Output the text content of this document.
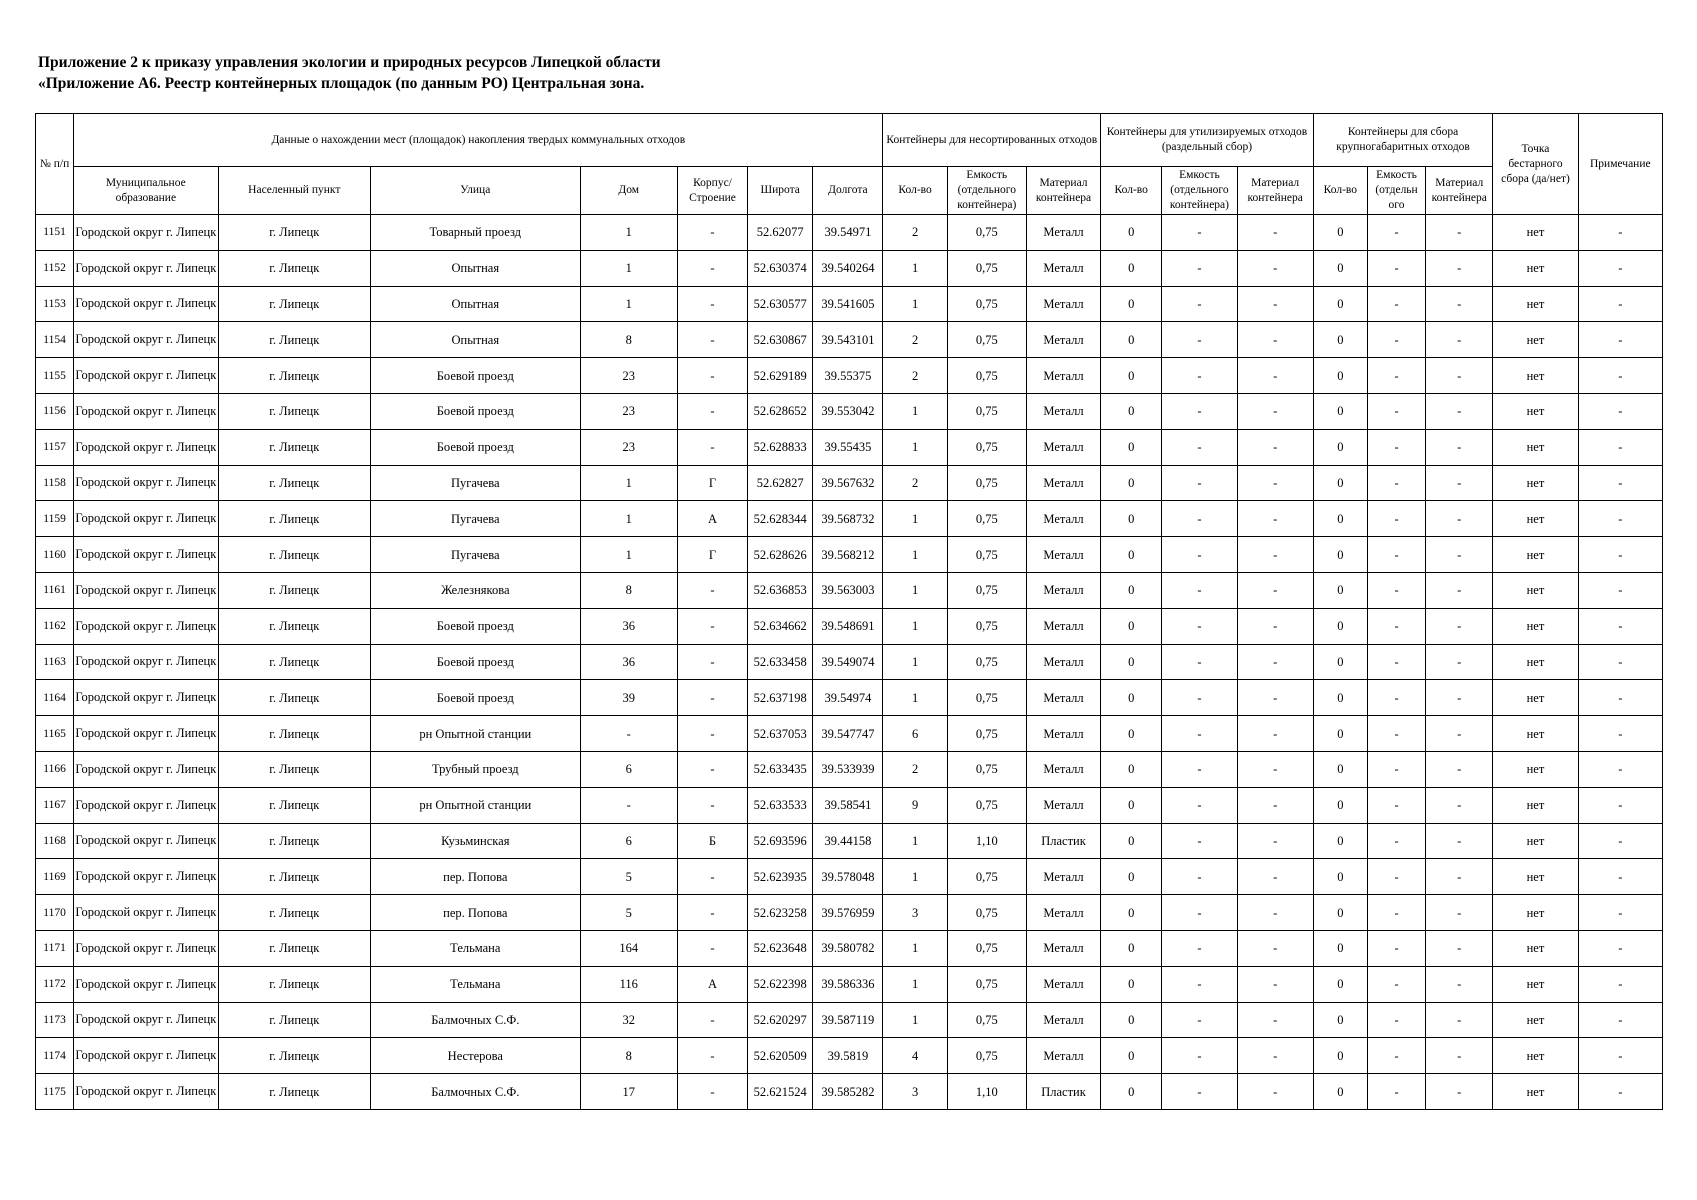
Приложение 2 к приказу управления экологии и природных ресурсов Липецкой области
«Приложение А6. Реестр контейнерных площадок (по данным РО) Центральная зона.
№ п/п	Данные о нахождении мест (площадок) накопления твердых коммунальных отходов							Контейнеры для несортированных отходов			Контейнеры для утилизируемых отходов (раздельный сбор)			Контейнеры для сбора крупногабаритных отходов			Точка бестарного сбора (да/нет)	Примечание
	Муниципальное образование	Населенный пункт	Улица	Дом	Корпус/ Строение	Широта	Долгота	Кол-во	Емкость (отдельного контейнера)	Материал контейнера	Кол-во	Емкость (отдельного контейнера)	Материал контейнера	Кол-во	Емкость (отдельн ого	Материал контейнера		
1151	Городской округ г. Липецк	г. Липецк	Товарный проезд	1	-	52.62077	39.54971	2	0,75	Металл	0	-	-	0	-	-	нет	-
1152	Городской округ г. Липецк	г. Липецк	Опытная	1	-	52.630374	39.540264	1	0,75	Металл	0	-	-	0	-	-	нет	-
1153	Городской округ г. Липецк	г. Липецк	Опытная	1	-	52.630577	39.541605	1	0,75	Металл	0	-	-	0	-	-	нет	-
1154	Городской округ г. Липецк	г. Липецк	Опытная	8	-	52.630867	39.543101	2	0,75	Металл	0	-	-	0	-	-	нет	-
1155	Городской округ г. Липецк	г. Липецк	Боевой проезд	23	-	52.629189	39.55375	2	0,75	Металл	0	-	-	0	-	-	нет	-
1156	Городской округ г. Липецк	г. Липецк	Боевой проезд	23	-	52.628652	39.553042	1	0,75	Металл	0	-	-	0	-	-	нет	-
1157	Городской округ г. Липецк	г. Липецк	Боевой проезд	23	-	52.628833	39.55435	1	0,75	Металл	0	-	-	0	-	-	нет	-
1158	Городской округ г. Липецк	г. Липецк	Пугачева	1	Г	52.62827	39.567632	2	0,75	Металл	0	-	-	0	-	-	нет	-
1159	Городской округ г. Липецк	г. Липецк	Пугачева	1	А	52.628344	39.568732	1	0,75	Металл	0	-	-	0	-	-	нет	-
1160	Городской округ г. Липецк	г. Липецк	Пугачева	1	Г	52.628626	39.568212	1	0,75	Металл	0	-	-	0	-	-	нет	-
1161	Городской округ г. Липецк	г. Липецк	Железнякова	8	-	52.636853	39.563003	1	0,75	Металл	0	-	-	0	-	-	нет	-
1162	Городской округ г. Липецк	г. Липецк	Боевой проезд	36	-	52.634662	39.548691	1	0,75	Металл	0	-	-	0	-	-	нет	-
1163	Городской округ г. Липецк	г. Липецк	Боевой проезд	36	-	52.633458	39.549074	1	0,75	Металл	0	-	-	0	-	-	нет	-
1164	Городской округ г. Липецк	г. Липецк	Боевой проезд	39	-	52.637198	39.54974	1	0,75	Металл	0	-	-	0	-	-	нет	-
1165	Городской округ г. Липецк	г. Липецк	рн Опытной станции	-	-	52.637053	39.547747	6	0,75	Металл	0	-	-	0	-	-	нет	-
1166	Городской округ г. Липецк	г. Липецк	Трубный проезд	6	-	52.633435	39.533939	2	0,75	Металл	0	-	-	0	-	-	нет	-
1167	Городской округ г. Липецк	г. Липецк	рн Опытной станции	-	-	52.633533	39.58541	9	0,75	Металл	0	-	-	0	-	-	нет	-
1168	Городской округ г. Липецк	г. Липецк	Кузьминская	6	Б	52.693596	39.44158	1	1,10	Пластик	0	-	-	0	-	-	нет	-
1169	Городской округ г. Липецк	г. Липецк	пер. Попова	5	-	52.623935	39.578048	1	0,75	Металл	0	-	-	0	-	-	нет	-
1170	Городской округ г. Липецк	г. Липецк	пер. Попова	5	-	52.623258	39.576959	3	0,75	Металл	0	-	-	0	-	-	нет	-
1171	Городской округ г. Липецк	г. Липецк	Тельмана	164	-	52.623648	39.580782	1	0,75	Металл	0	-	-	0	-	-	нет	-
1172	Городской округ г. Липецк	г. Липецк	Тельмана	116	А	52.622398	39.586336	1	0,75	Металл	0	-	-	0	-	-	нет	-
1173	Городской округ г. Липецк	г. Липецк	Балмочных С.Ф.	32	-	52.620297	39.587119	1	0,75	Металл	0	-	-	0	-	-	нет	-
1174	Городской округ г. Липецк	г. Липецк	Нестерова	8	-	52.620509	39.5819	4	0,75	Металл	0	-	-	0	-	-	нет	-
1175	Городской округ г. Липецк	г. Липецк	Балмочных С.Ф.	17	-	52.621524	39.585282	3	1,10	Пластик	0	-	-	0	-	-	нет	-
